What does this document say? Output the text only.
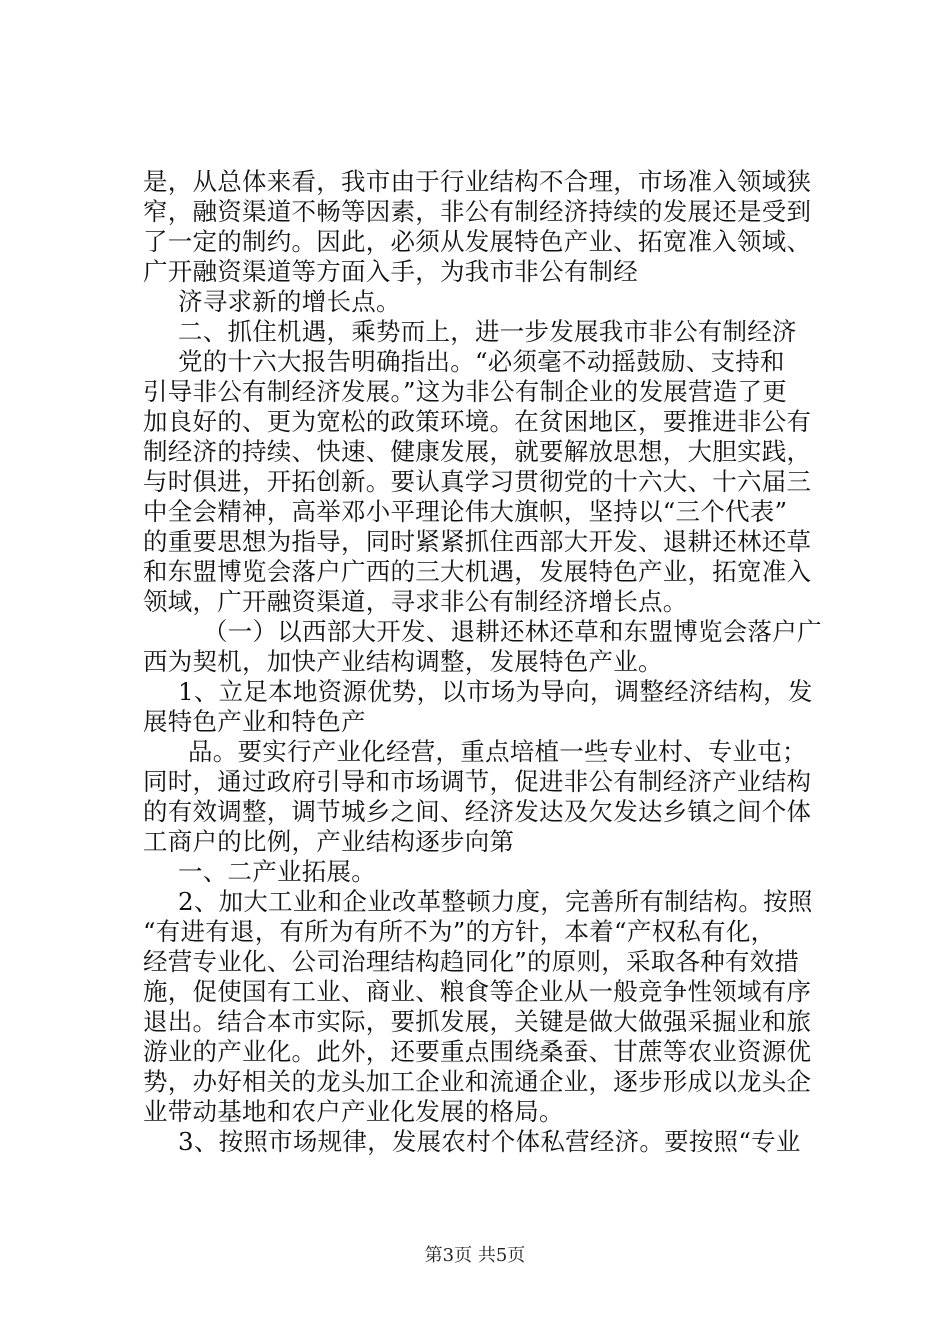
是，从总体来看，我市由于行业结构不合理，市场准入领域狭
窄，融资渠道不畅等因素，非公有制经济持续的发展还是受到
了一定的制约。因此，必须从发展特色产业、拓宽准入领域、
广开融资渠道等方面入手，为我市非公有制经
济寻求新的增长点。
二、抓住机遇，乘势而上，进一步发展我市非公有制经济
党的十六大报告明确指出。“必须毫不动摇鼓励、支持和
引导非公有制经济发展。”这为非公有制企业的发展营造了更
加良好的、更为宽松的政策环境。在贫困地区，要推进非公有
制经济的持续、快速、健康发展，就要解放思想，大胆实践，
与时俱进，开拓创新。要认真学习贯彻党的十六大、十六届三
中全会精神，高举邓小平理论伟大旗帜，坚持以“三个代表”
的重要思想为指导，同时紧紧抓住西部大开发、退耕还林还草
和东盟博览会落户广西的三大机遇，发展特色产业，拓宽准入
领域，广开融资渠道，寻求非公有制经济增长点。
（一）以西部大开发、退耕还林还草和东盟博览会落户广
西为契机，加快产业结构调整，发展特色产业。
1、立足本地资源优势，以市场为导向，调整经济结构，发
展特色产业和特色产
品。要实行产业化经营，重点培植一些专业村、专业屯；
同时，通过政府引导和市场调节，促进非公有制经济产业结构
的有效调整，调节城乡之间、经济发达及欠发达乡镇之间个体
工商户的比例，产业结构逐步向第
一、二产业拓展。
2、加大工业和企业改革整顿力度，完善所有制结构。按照
“有进有退，有所为有所不为”的方针，本着“产权私有化，
经营专业化、公司治理结构趋同化”的原则，采取各种有效措
施，促使国有工业、商业、粮食等企业从一般竞争性领域有序
退出。结合本市实际，要抓发展，关键是做大做强采掘业和旅
游业的产业化。此外，还要重点围绕桑蚕、甘蔗等农业资源优
势，办好相关的龙头加工企业和流通企业，逐步形成以龙头企
业带动基地和农户产业化发展的格局。
3、按照市场规律，发展农村个体私营经济。要按照“专业
第3页 共5页
